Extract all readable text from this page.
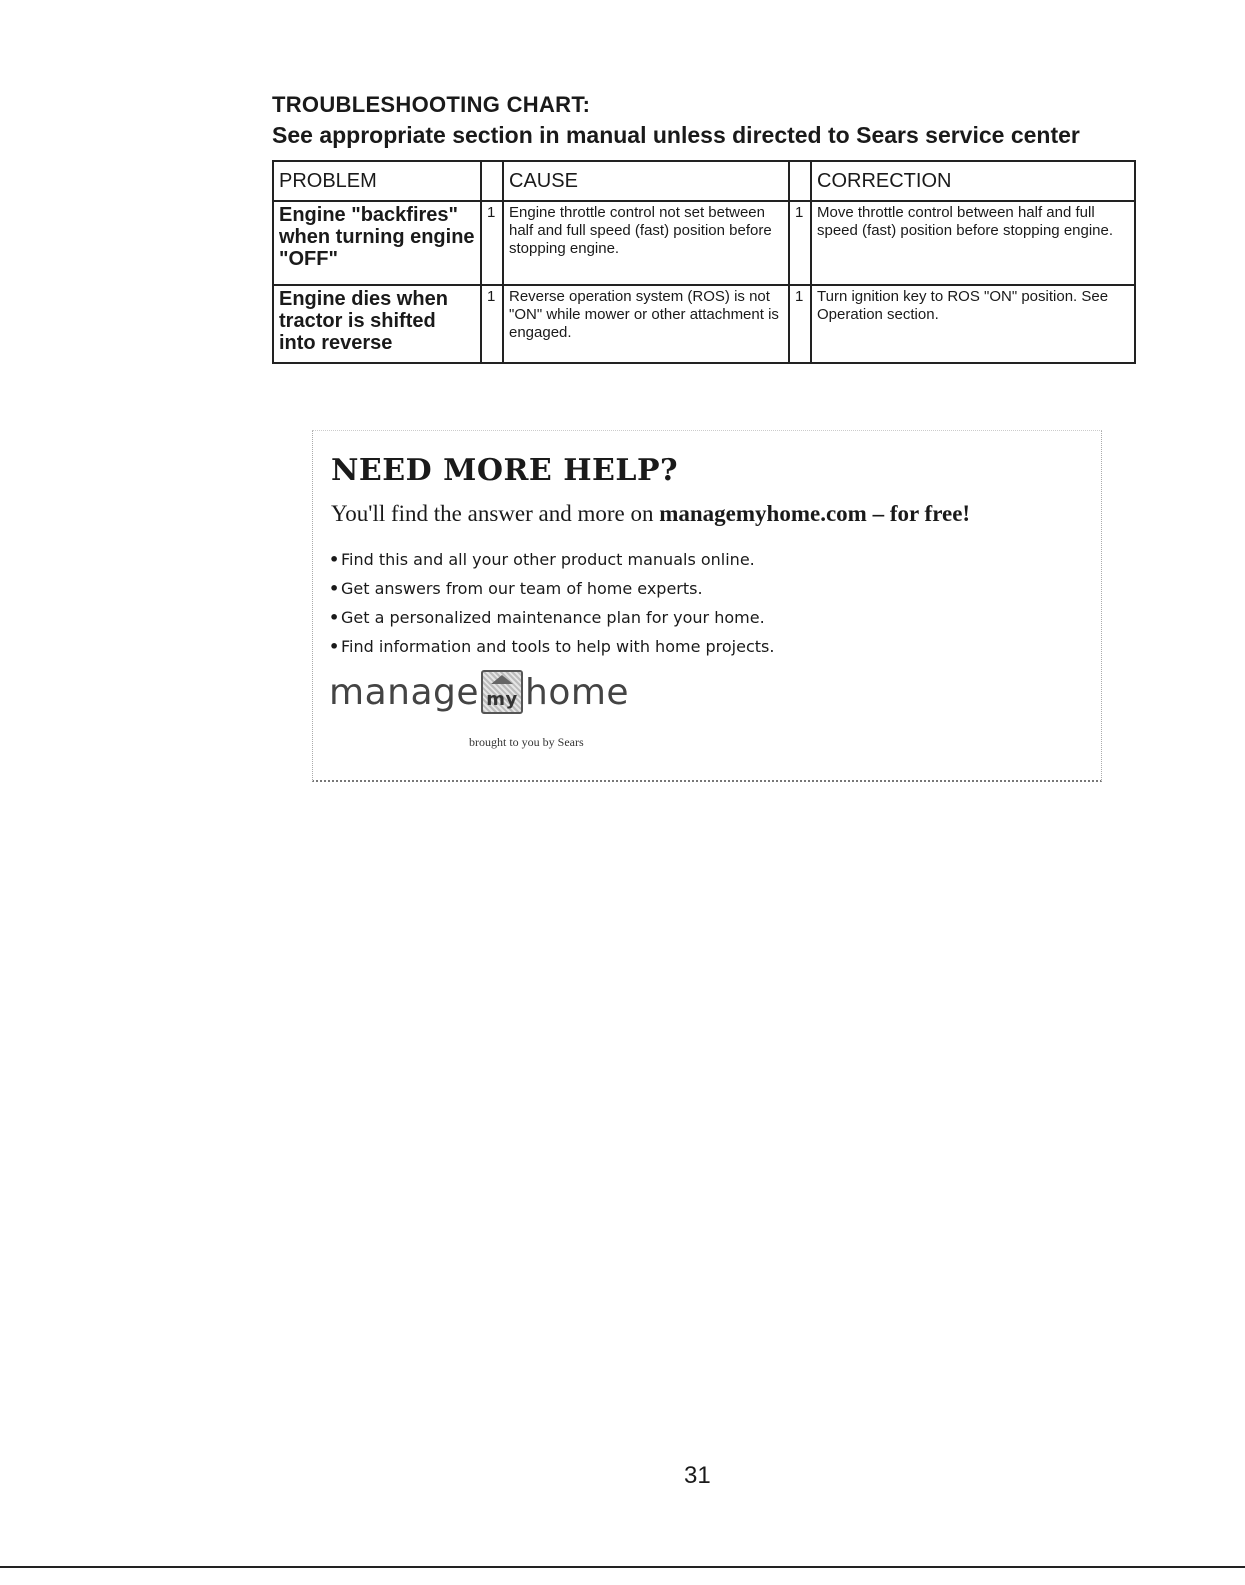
TROUBLESHOOTING CHART:
See appropriate section in manual unless directed to Sears service center
PROBLEM		CAUSE		CORRECTION
Engine "backfires" when turning engine "OFF"	1	Engine throttle control not set between half and full speed (fast) position before stopping engine.	1	Move throttle control between half and full speed (fast) position before stopping engine.
Engine dies when tractor is shifted into reverse	1	Reverse operation system (ROS) is not "ON" while mower or other attachment is engaged.	1	Turn ignition key to ROS "ON" position. See Operation section.
NEED MORE HELP?
You'll find the answer and more on managemyhome.com – for free!
• Find this and all your other product manuals online.
• Get answers from our team of home experts.
• Get a personalized maintenance plan for your home.
• Find information and tools to help with home projects.
manage my home
brought to you by Sears
31
